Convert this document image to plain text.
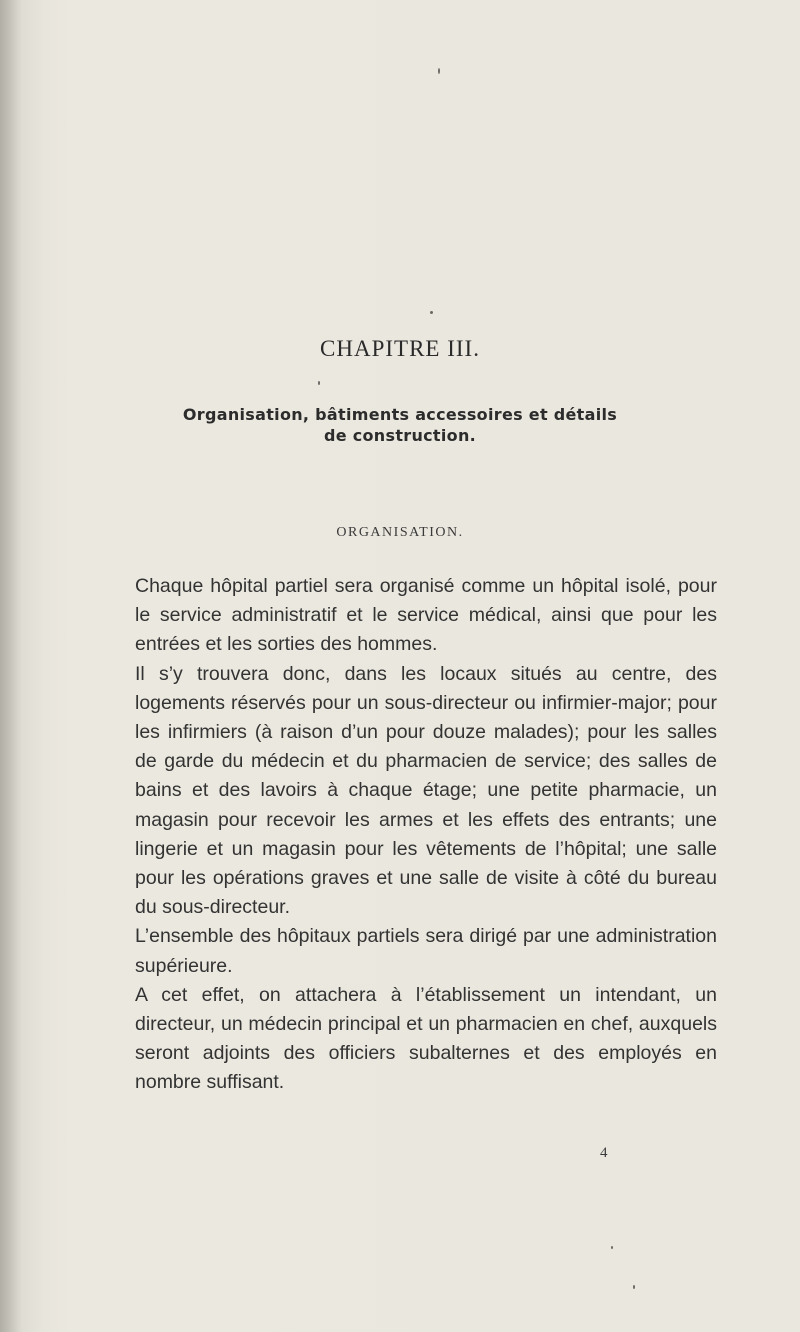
CHAPITRE III.
Organisation, bâtiments accessoires et détails
de construction.
ORGANISATION.

Chaque hôpital partiel sera organisé comme un hôpital isolé, pour le service administratif et le service médical, ainsi que pour les entrées et les sorties des hommes.

Il s’y trouvera donc, dans les locaux situés au centre, des logements réservés pour un sous-directeur ou infirmier-major; pour les infirmiers (à raison d’un pour douze malades); pour les salles de garde du médecin et du pharmacien de service; des salles de bains et des lavoirs à chaque étage; une petite pharmacie, un magasin pour recevoir les armes et les effets des entrants; une lingerie et un magasin pour les vêtements de l’hôpital; une salle pour les opérations graves et une salle de visite à côté du bureau du sous-directeur.

L’ensemble des hôpitaux partiels sera dirigé par une administration supérieure.

A cet effet, on attachera à l’établissement un intendant, un directeur, un médecin principal et un pharmacien en chef, auxquels seront adjoints des officiers subalternes et des employés en nombre suffisant.

4
